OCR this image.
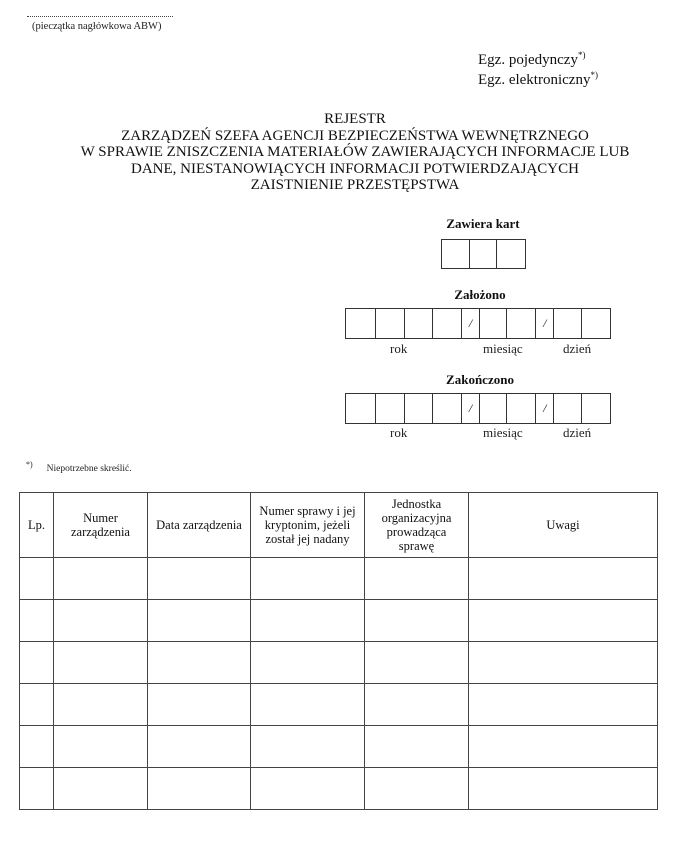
(pieczątka nagłówkowa ABW)
Egz. pojedynczy*)
Egz. elektroniczny*)
REJESTR
ZARZĄDZEŃ SZEFA AGENCJI BEZPIECZEŃSTWA WEWNĘTRZNEGO
W SPRAWIE ZNISZCZENIA MATERIAŁÓW ZAWIERAJĄCYCH INFORMACJE LUB
DANE, NIESTANOWIĄCYCH INFORMACJI POTWIERDZAJĄCYCH
ZAISTNIENIE PRZESTĘPSTWA
Zawiera kart
Założono
/	/
rok	miesiąc	dzień
Zakończono
/	/
rok	miesiąc	dzień
*) Niepotrzebne skreślić.
Lp.	Numer zarządzenia	Data zarządzenia	Numer sprawy i jej kryptonim, jeżeli został jej nadany	Jednostka organizacyjna prowadząca sprawę	Uwagi
